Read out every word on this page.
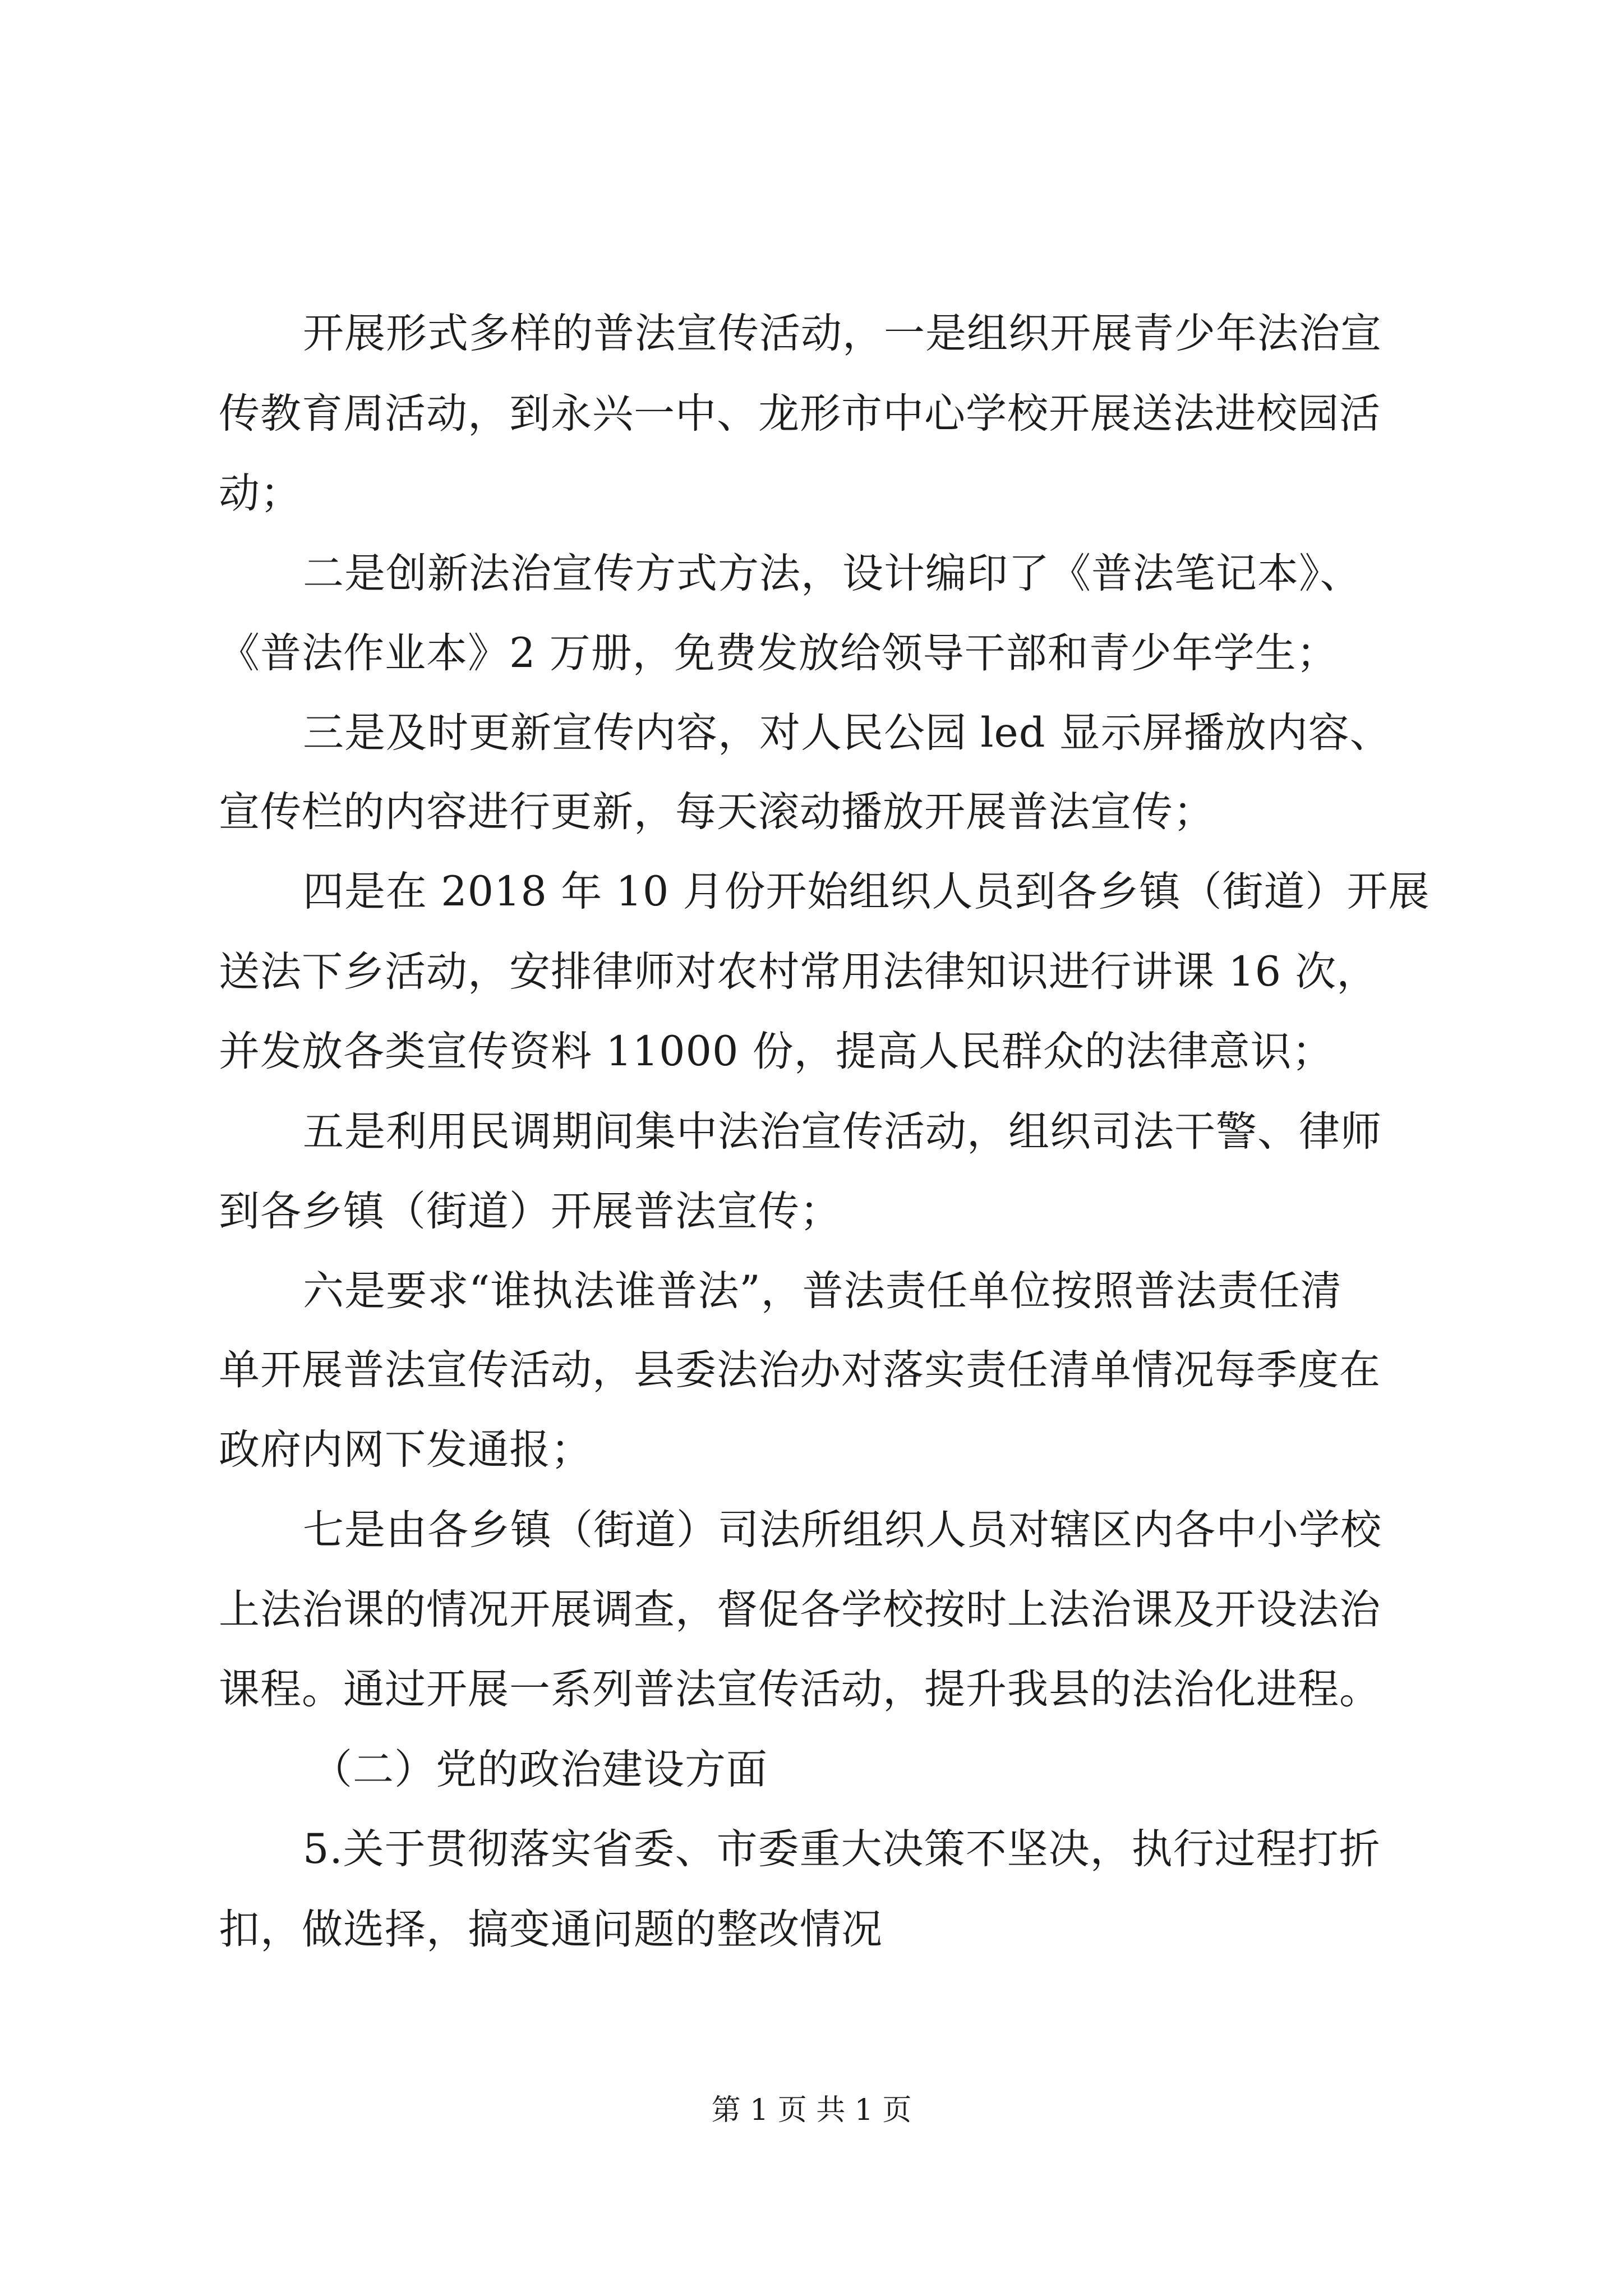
开展形式多样的普法宣传活动，一是组织开展青少年法治宣
传教育周活动，到永兴一中、龙形市中心学校开展送法进校园活
动；
二是创新法治宣传方式方法，设计编印了《普法笔记本》、
《普法作业本》2 万册，免费发放给领导干部和青少年学生；
三是及时更新宣传内容，对人民公园 led 显示屏播放内容、
宣传栏的内容进行更新，每天滚动播放开展普法宣传；
四是在 2018 年 10 月份开始组织人员到各乡镇（街道）开展
送法下乡活动，安排律师对农村常用法律知识进行讲课 16 次，
并发放各类宣传资料 11000 份，提高人民群众的法律意识；
五是利用民调期间集中法治宣传活动，组织司法干警、律师
到各乡镇（街道）开展普法宣传；
六是要求“谁执法谁普法”，普法责任单位按照普法责任清
单开展普法宣传活动，县委法治办对落实责任清单情况每季度在
政府内网下发通报；
七是由各乡镇（街道）司法所组织人员对辖区内各中小学校
上法治课的情况开展调查，督促各学校按时上法治课及开设法治
课程。通过开展一系列普法宣传活动，提升我县的法治化进程。
（二）党的政治建设方面
5.关于贯彻落实省委、市委重大决策不坚决，执行过程打折
扣，做选择，搞变通问题的整改情况
第 1 页 共 1 页
